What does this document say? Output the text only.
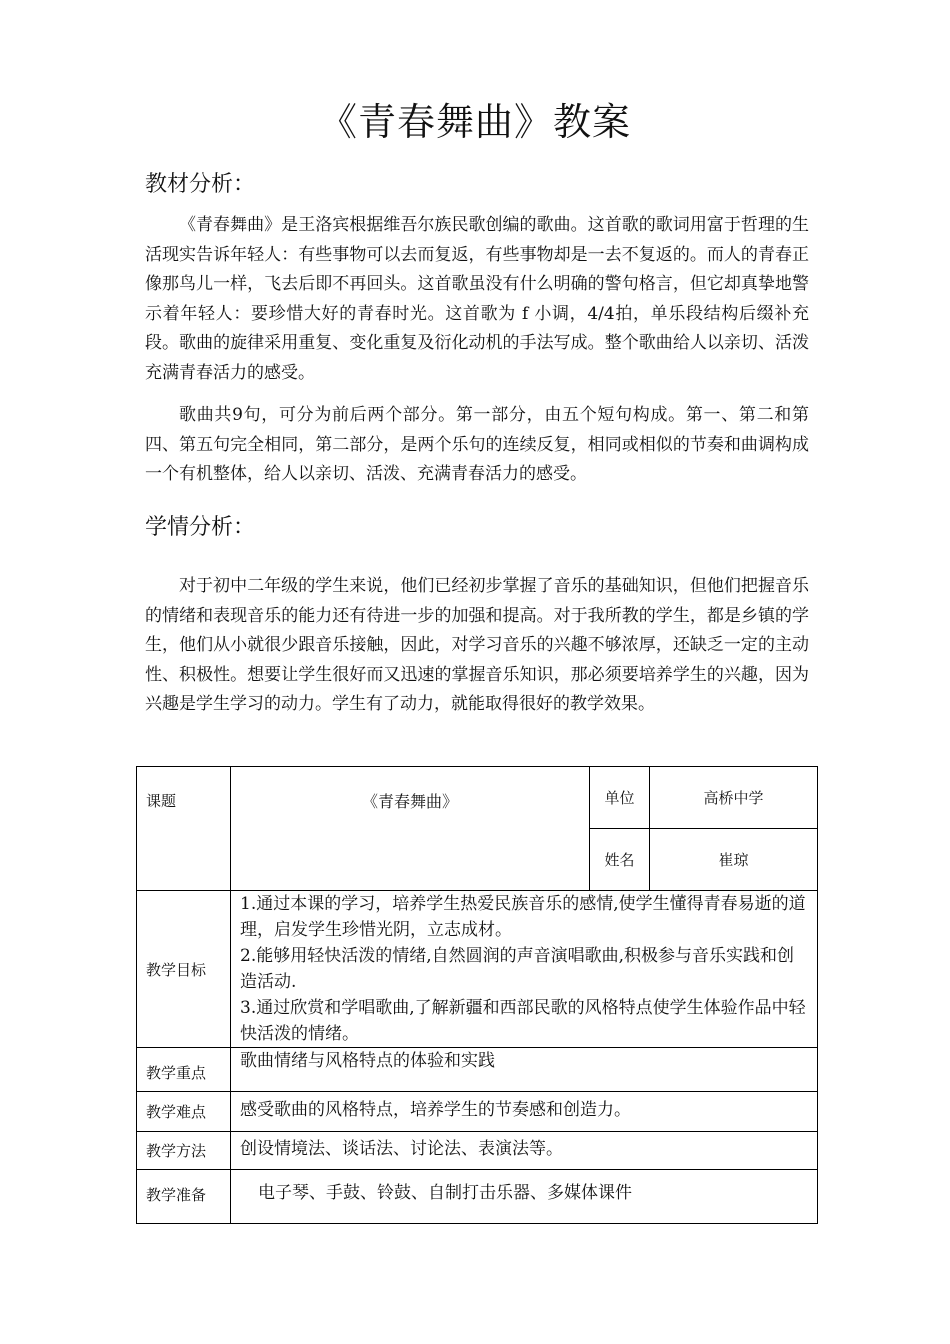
《青春舞曲》教案
教材分析：

《青春舞曲》是王洛宾根据维吾尔族民歌创编的歌曲。这首歌的歌词用富于哲理的生活现实告诉年轻人：有些事物可以去而复返，有些事物却是一去不复返的。而人的青春正像那鸟儿一样，飞去后即不再回头。这首歌虽没有什么明确的警句格言，但它却真挚地警示着年轻人：要珍惜大好的青春时光。这首歌为 f 小调，4/4拍，单乐段结构后缀补充段。歌曲的旋律采用重复、变化重复及衍化动机的手法写成。整个歌曲给人以亲切、活泼充满青春活力的感受。

歌曲共9句，可分为前后两个部分。第一部分，由五个短句构成。第一、第二和第四、第五句完全相同，第二部分，是两个乐句的连续反复，相同或相似的节奏和曲调构成一个有机整体，给人以亲切、活泼、充满青春活力的感受。

学情分析：

对于初中二年级的学生来说，他们已经初步掌握了音乐的基础知识，但他们把握音乐的情绪和表现音乐的能力还有待进一步的加强和提高。对于我所教的学生，都是乡镇的学生，他们从小就很少跟音乐接触，因此，对学习音乐的兴趣不够浓厚，还缺乏一定的主动性、积极性。想要让学生很好而又迅速的掌握音乐知识，那必须要培养学生的兴趣，因为兴趣是学生学习的动力。学生有了动力，就能取得很好的教学效果。

课题	《青春舞曲》	单位	高桥中学
		姓名	崔琼
教学目标	1.通过本课的学习，培养学生热爱民族音乐的感情,使学生懂得青春易逝的道理，启发学生珍惜光阴，立志成材。
2.能够用轻快活泼的情绪,自然圆润的声音演唱歌曲,积极参与音乐实践和创造活动.
3.通过欣赏和学唱歌曲,了解新疆和西部民歌的风格特点使学生体验作品中轻快活泼的情绪。		

教学重点	歌曲情绪与风格特点的体验和实践		
教学难点	感受歌曲的风格特点，培养学生的节奏感和创造力。		
教学方法	创设情境法、谈话法、讨论法、表演法等。		
教学准备	电子琴、手鼓、铃鼓、自制打击乐器、多媒体课件		
